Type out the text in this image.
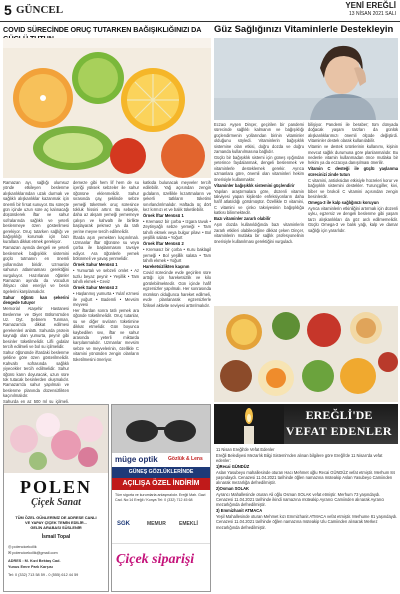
5 GÜNCEL	YENİ EREĞLİ
13 NİSAN 2021 SALI
COVID SÜRECİNDE ORUÇ TUTARKEN BAĞIŞIKLIĞINIZI DA

Ramazan ayı, sağlığı olumsuz yönde etkileyen beslenme alışkanlıklarından uzak durmak ve sağlıklı alışkanlıklar kazanmak için önemli bir fırsat sunuyor. Bu süreçte gün içinde uzun süre aç kalınacağı düşünülerek iftar ve sahur sofralarında sağlıklı ve yeterli beslenmeye özen gösterilmesi gerekiyor. Oruç tutarken sağlığı ve bağışıklığı korumak için bazı kurallara dikkat etmek gerekiyor.

Ramazan ayında dengeli ve yeterli beslenmek bağışıklık sistemini güçlü tutmanın en önemli yollarından biridir. Uzmanlar sahurun atlanmaması gerektiğini vurguluyor. Hazırlanan öğünler Ramazan ayında da vücudun ihtiyacı olan enerjiyi ve besin ögelerini karşılamalıdır.

Sahur öğünü kan şekerini dengede tutuyor

Memorial Ataşehir Hastanesi Beslenme ve Diyet Bölümü'nden Uz. Dyt. Şebnem Tunman, Ramazan'da dikkat edilmesi gerekenleri anlattı. Sahurda protein kaynağı olan yumurta, peynir gibi besinler tüketilmelidir. Lifli gıdalar tercih edilmeli ve bol su içilmelidir.

Sahur öğününde iftardaki beslenme şekline göre özen gösterilmelidir. Kahvaltı sofrasında sağlıklı yiyecekler tercih edilmelidir. Sahur öğünü karın doyuracak, uzun süre tok tutacak besinlerden oluşmalıdır. Ramazan'da sahur yapılmalı ve beslenme planında düzensizlikten kaçınılmalıdır.

Sahurda en az 500 ml su içilmeli.

demeze gibi hem lif hem de su içeriği yüksek sebzeler ile sahur öğününe eklenmelidir. Sahur sırasında çay, şeklinde sebze yemeği tüketmek oruç süresince tokluk hissini artırır. Bu sebeple, daha az akşam yemeği yememeye çalışın ve kahvaltı ile birlikte başlayarak pekmez ya da tatlı yerine meyve tercih edilmelidir.

İftarda aşırı yemekten kaçınılmalı. Uzmanlar iftar öğününe su veya çorba ile başlanmasını tavsiye ediyor. Ara öğünlerle yemek bölünmeli ve yavaş yenmelidir.

Örnek Sahur Menüsü 1

• Yumurtalı ve sebzeli omlet • Az tuzlu beyaz peynir • Yeşillik • Tam tahıllı ekmek • Ceviz

Örnek Sahur Menüsü 2

• Haşlanmış yumurta • Yulaf ezmesi ile yoğurt • Bademli • Mevsim meyvesi

Her iftardan sonra tatlı yemek ara öğünde tüketilmelidir. Oruç tutanlar, su ve diğer sıvıların tüketimine dikkat etmelidir. Gün boyunca kaybedilen sıvı, iftar ve sahur arasında yeterli miktarda karşılanmalıdır. Uzmanlar mevsim sebze ve meyvelerinin, özellikle C vitamini yönünden zengin olanların tüketilmesini öneriyor.

katkıda bulunacak meyveler tercih edilebilir. Yağ açısından zengin gıdaların, özellikle kızartmaların ve şekerli tatlıların tüketimi sınırlandırılmalıdır. Haftada üç dört kez kırmızı et ve balık tüketilebilir.

Örnek İftar Menüsü 1

• Kremasız bir çorba • Izgara tavuk • Zeytinyağlı sebze yemeği • Tam tahıllı ekmek veya bulgur pilavı • Bol yeşillik salata • Yoğurt

Örnek İftar Menüsü 2

• Kremasız bir çorba • Kuru baklagil yemeği • Bol yeşillik salata • Tam tahıllı ekmek • Yoğurt

Hareketsizlikten kaçının

Covid sürecinde evde geçirilen süre arttığı için hareketsizlik ve kilo görülebilmektedir. Gün içinde hafif egzersizler yapılmalı. Her sonrasında mümkün olduğunca hareket edilmeli, evde planlanarak egzersizlerle fiziksel aktivite seviyesi arttırılmalıdır.

Güz Sağlığınızı Vitaminlerle Destekleyin

Eczacı Ayşen Dinçer, geçirilen bir pandemi sürecinde sağlıklı kalmanın ve bağışıklığı güçlendirmenin yollarından birinin vitaminler olduğunu söyledi. Vitaminlerin bağışıklık sistemine olan etkisi, doğru dozda ve doğru zamanda kullanılmasına bağlıdır.

Güçlü bir bağışıklık sistemi için güneş ışığından yeterince faydalanmak, dengeli beslenmek ve vitaminlerle desteklemek gerekir. Ayrıca uzmanlara göre, önemli olan vitaminleri hekim önerisiyle kullanmaktır.

Vitaminler bağışıklık sistemini güçlendirir

Yapılan araştırmalara göre, düzenli vitamin takviyesi yapan kişilerde enfeksiyonların daha hafif atlatıldığı görülmüştür. Özellikle D vitamini, C vitamini ve çinko takviyesinin bağışıklığa katkısı bilinmektedir.

Bazı vitaminler zararlı olabilir

Aşırı dozda kullanıldığında bazı vitaminlerin zararlı etkileri olabileceğine dikkat çeken Dinçer, vitaminlerin mutlaka bir sağlık profesyonelinin önerisiyle kullanılması gerektiğini vurguladı.

bilişiyor. Pandemi ile beraber; tüm dünyada doğacak yaşam tarzları da günlük alışkanlıklarımızı önemli ölçüde değiştirdi. Vitaminler destek olarak kullanılabilir.

Vitamin ve destek ürünlerinin kullanımı, kişinin mevcut sağlık durumuna göre planlanmalıdır. Bu nedenle vitamin kullanmadan önce mutlaka bir hekim ya da eczacıya danışılması önerilir.

Vitamin C desteği ile güçlü yaşlanma sürecinizi zinde tutun

C vitamini, antioksidan etkisiyle hücreleri korur ve bağışıklık sistemini destekler. Turunçgiller, kivi, biber ve brokoli C vitamini açısından zengin besinlerdir.

Omega-3 ile kalp sağlığınızı koruyun

Ayrıca vitaminlerin etkinliğini artırmak için düzenli uyku, egzersiz ve dengeli beslenme gibi yaşam tarzı alışkanlıkları da göz ardı edilmemelidir. Güçlü Omega-3 ve balık yağı, kalp ve damar sağlığı için yararlıdır.

POLEN
Çiçek Sanat
TÜM ÖZEL GÜNLERİNİZ DE ADRESE CANLI
VE YAPAY ÇİÇEK TEMİN EDİLİR...
GELİN ARABASI SÜSLENİR
İsmail Topal
◎ polencicekcilik
✉ polencicekcilik@gmail.com
ADRES : M. Kızıl Bektaş Cad.
Yunus Emre Park Karşısı
Tel: 0 (332) 713 58 59 - 0 (555) 612 44 59
müge optik Gözlük & Lens
GÜNEŞ GÖZLÜKLERİNDE
AÇILIŞA ÖZEL İNDİRİM
Tüm sigorta ve kurumlarla anlaşmalıdır. Ereğli Mah. Gazi Cad. No:14 Ereğli / Konya Tel: 0 (332) 712 45 68
SGK	MEMUR	EMEKLİ
Çiçek siparişi
EREĞLİ'DE
VEFAT EDENLER

11 Nisan Ereğli'de Vefat Edenler

Ereğli Belediyesi Mezarlık Bilgi Sistemi'nden alınan bilgilere göre Ereğli'de 11 Nisan'da vefat edenler:

1)Recai GÜNDÜZ

Aslan Yasubeyo mahallesinde oturan Hacı Mehmet oğlu Recai GÜNDÜZ vefat etmiştir. Merhum 84 yaşındaydı. Cenazesi 11.04.2021 tarihinde öğlen namazına müteakip Aslan Yasubeyo Camiinden alınarak mezarlığa defnedilmiştir.

2)Osman SOLAK

Ayrancı Mahallesinde oturan Ali oğlu Osman SOLAK vefat etmiştir. Merhum 73 yaşındaydı. Cenazesi 11.04.2021 tarihinde ikindi namazına müteakip Ayrancı Camiinden alınarak Ayrancı mezarlığında defnedilmiştir.

3) Emmizhanit ATMACA

Yeşil Mahallesinde oturan Mehmet kızı Emmizhanit ATMACA vefat etmiştir. Merhume 81 yaşındaydı. Cenazesi 11.04.2021 tarihinde öğlen namazına müteakip Ulu Camiinden alınarak Merkez mezarlığında defnedilmiştir.
